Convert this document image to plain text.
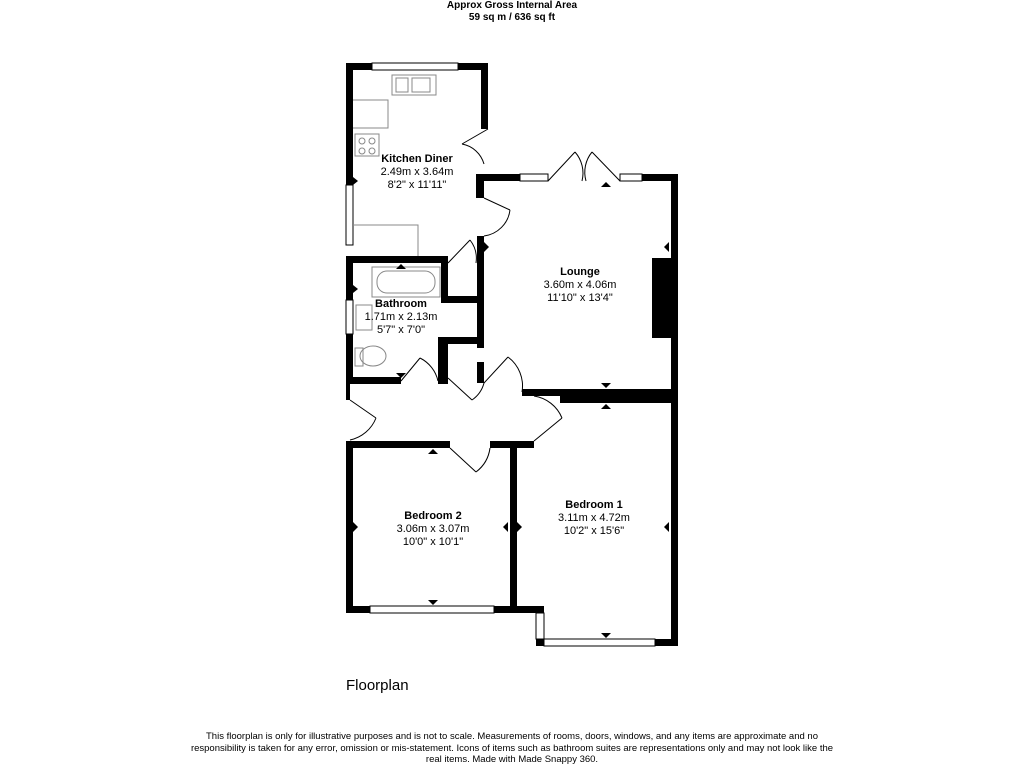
Approx Gross Internal Area
59 sq m / 636 sq ft
Kitchen Diner
2.49m x 3.64m
8'2" x 11'11"
Bathroom
1.71m x 2.13m
5'7" x 7'0"
Lounge
3.60m x 4.06m
11'10" x 13'4"
Bedroom 2
3.06m x 3.07m
10'0" x 10'1"
Bedroom 1
3.11m x 4.72m
10'2" x 15'6"
Floorplan
This floorplan is only for illustrative purposes and is not to scale. Measurements of rooms, doors, windows, and any items are approximate and no responsibility is taken for any error, omission or mis-statement. Icons of items such as bathroom suites are representations only and may not look like the real items. Made with Made Snappy 360.
